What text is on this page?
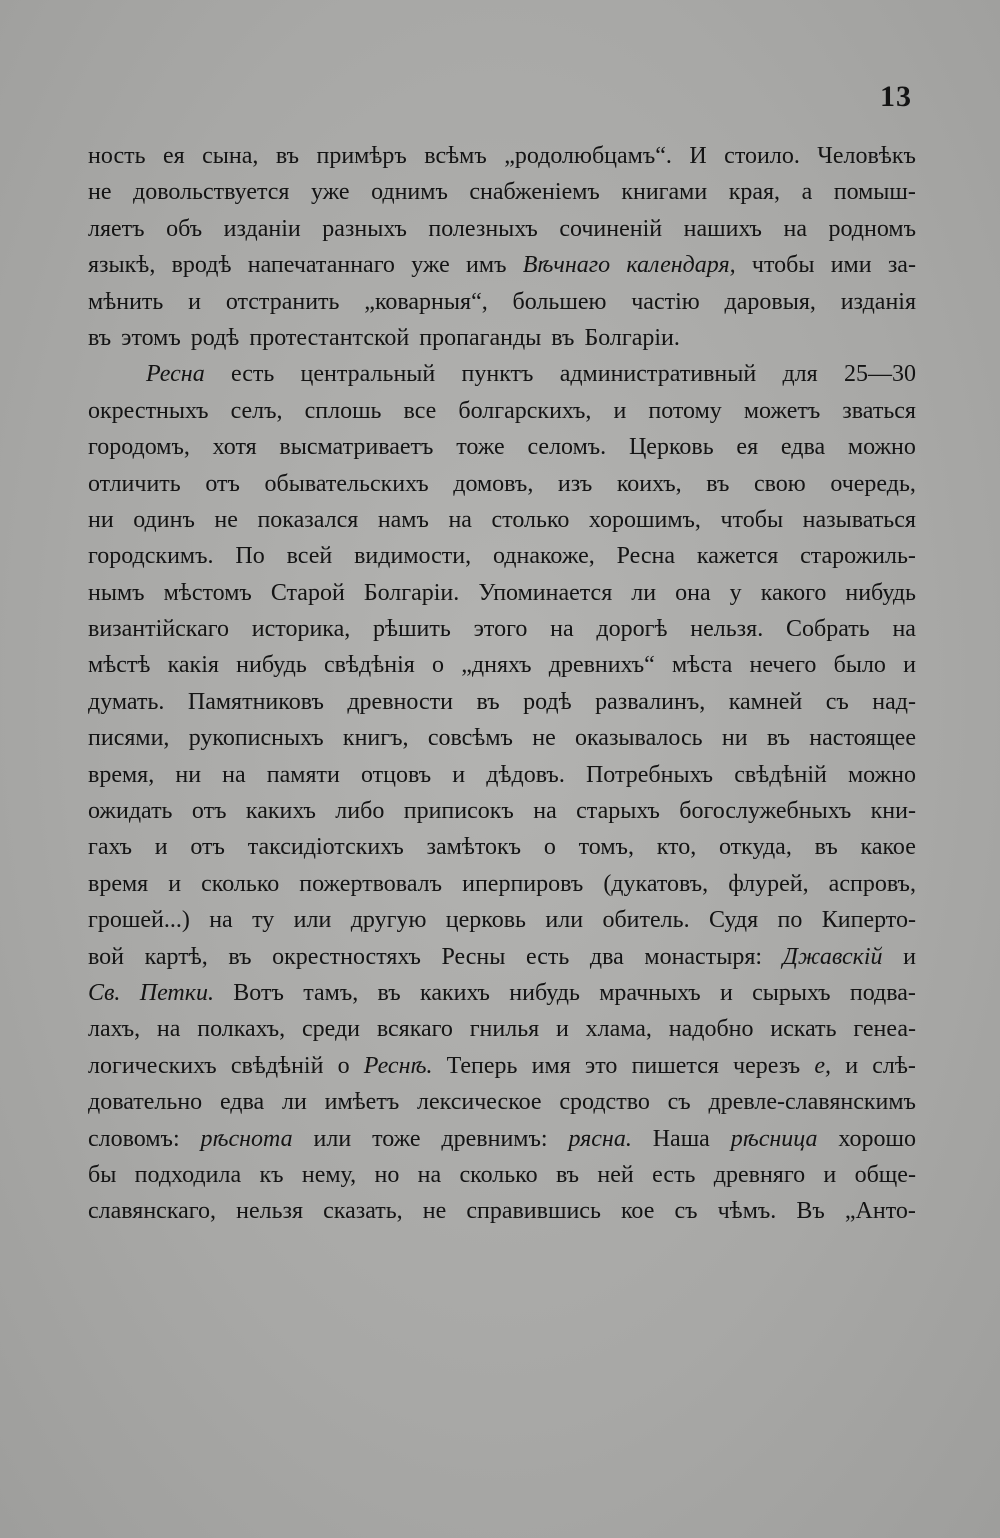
13
ность ея сына, въ примѣръ всѣмъ „родолюбцамъ“. И стоило. Человѣкъ
не довольствуется уже однимъ снабженіемъ книгами края, а помыш-
ляетъ объ изданіи разныхъ полезныхъ сочиненій нашихъ на родномъ
языкѣ, вродѣ напечатаннаго уже имъ Вѣчнаго календаря, чтобы ими за-
мѣнить и отстранить „коварныя“, большею частію даровыя, изданія
въ
этомъ
родѣ
протестантской
пропаганды
въ
Болгаріи.
Ресна есть центральный пунктъ административный для 25—30
окрестныхъ селъ, сплошь все болгарскихъ, и потому можетъ зваться
городомъ, хотя высматриваетъ тоже селомъ. Церковь ея едва можно
отличить отъ обывательскихъ домовъ, изъ коихъ, въ свою очередь,
ни одинъ не показался намъ на столько хорошимъ, чтобы называться
городскимъ. По всей видимости, однакоже, Ресна кажется старожиль-
нымъ мѣстомъ Старой Болгаріи. Упоминается ли она у какого нибудь
византійскаго историка, рѣшить этого на дорогѣ нельзя. Собрать на
мѣстѣ какія нибудь свѣдѣнія о „дняхъ древнихъ“ мѣста нечего было и
думать. Памятниковъ древности въ родѣ развалинъ, камней съ над-
писями, рукописныхъ книгъ, совсѣмъ не оказывалось ни въ настоящее
время, ни на памяти отцовъ и дѣдовъ. Потребныхъ свѣдѣній можно
ожидать отъ какихъ либо приписокъ на старыхъ богослужебныхъ кни-
гахъ и отъ таксидіотскихъ замѣтокъ о томъ, кто, откуда, въ какое
время и сколько пожертвовалъ иперпировъ (дукатовъ, флурей, аспровъ,
грошей...) на ту или другую церковь или обитель. Судя по Киперто-
вой картѣ, въ окрестностяхъ Ресны есть два монастыря: Джавскій и
Св. Петки. Вотъ тамъ, въ какихъ нибудь мрачныхъ и сырыхъ подва-
лахъ, на полкахъ, среди всякаго гнилья и хлама, надобно искать генеа-
логическихъ свѣдѣній о Реснѣ. Теперь имя это пишется черезъ е, и слѣ-
довательно едва ли имѣетъ лексическое сродство съ древле-славянскимъ
словомъ: рѣснота или тоже древнимъ: рясна. Наша рѣсница хорошо
бы подходила къ нему, но на сколько въ ней есть древняго и обще-
славянскаго, нельзя сказать, не справившись кое съ чѣмъ. Въ „Анто-
